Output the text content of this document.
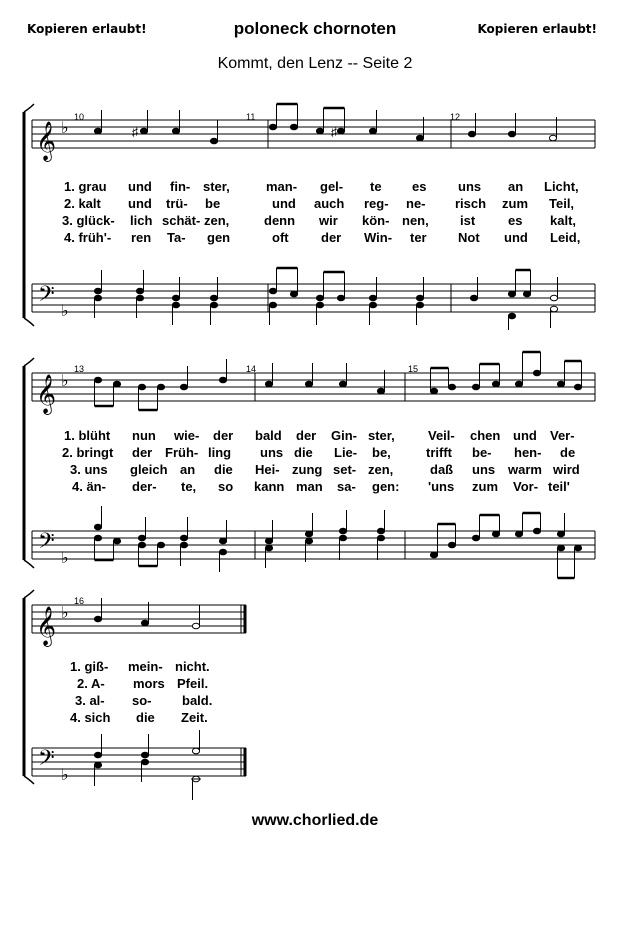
Kopieren erlaubt!	poloneck chornoten	Kopieren erlaubt!
Kommt, den Lenz -- Seite 2
𝄞 ♭
𝄢 ♭
♯	♯
𝄞 ♭
𝄢 ♭
𝄞 ♭
𝄢 ♭
10	11	12
13	14	15
16
1. grau und fin- ster,	man- gel- te es uns an Licht,
2. kalt und trü- be	und auch reg- ne- risch zum Teil,
3. glück- lich schät- zen,	denn wir kön- nen, ist	es kalt,
4. früh'- ren Ta- gen	oft der Win- ter Not und Leid,
1. blüht nun wie- der bald der Gin- ster,	Veil- chen und Ver-
2. bringt der Früh- ling uns die Lie- be,	trifft be- hen- de
3. uns gleich an die Hei- zung set- zen,	daß uns warm wird
4. än- der- te, so kann man sa- gen: 'uns zum Vor- teil'
1. giß- mein- nicht.
2. A- mors Pfeil.
3. al- so- bald.
4. sich die Zeit.
www.chorlied.de
